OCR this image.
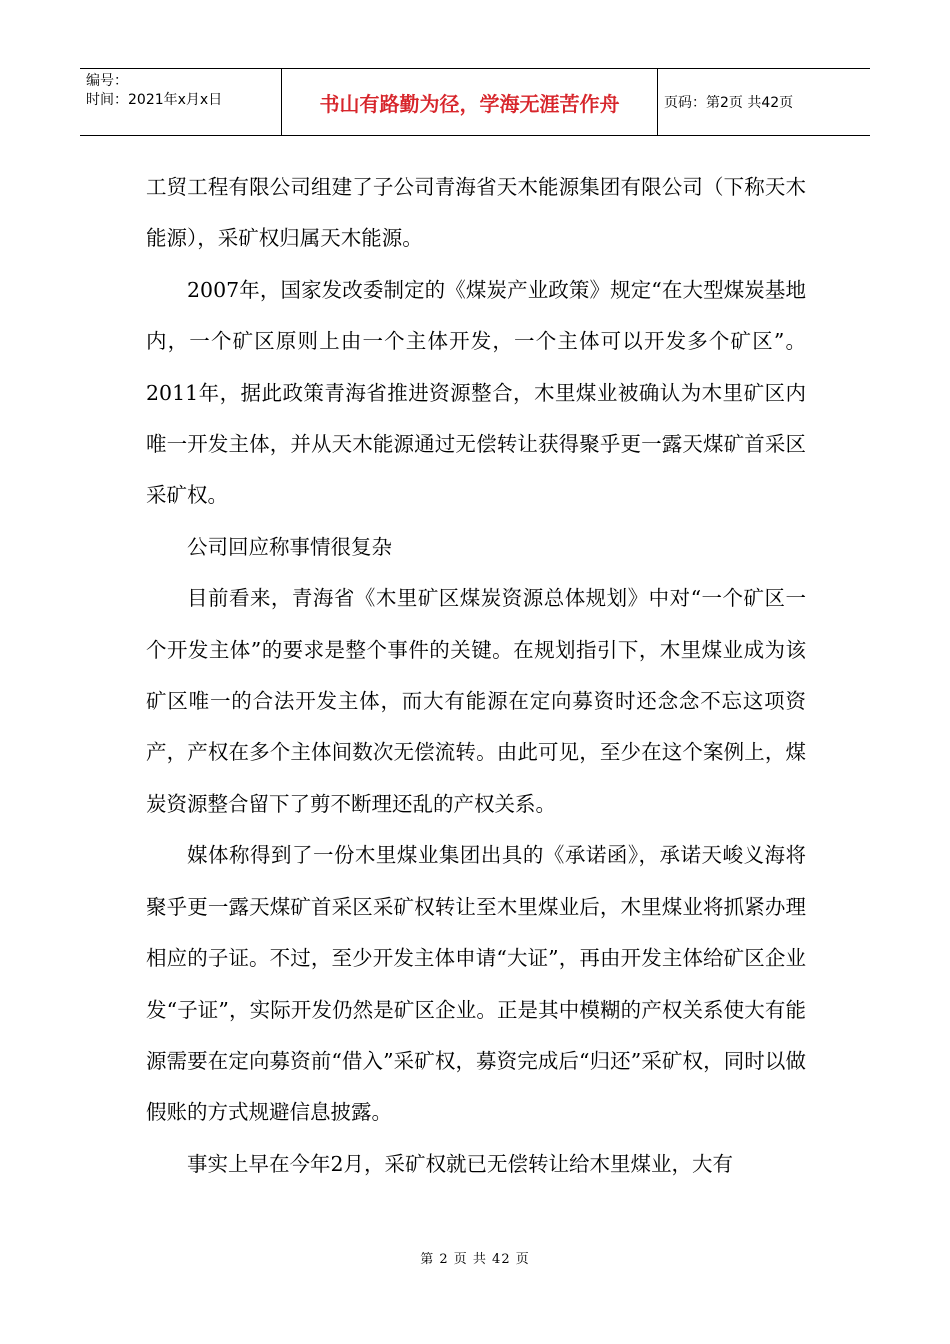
编号：
时间：2021年x月x日	书山有路勤为径，学海无涯苦作舟	页码：第2页 共42页

工贸工程有限公司组建了子公司青海省天木能源集团有限公司（下称天木能源），采矿权归属天木能源。

2007年，国家发改委制定的《煤炭产业政策》规定“在大型煤炭基地内，一个矿区原则上由一个主体开发，一个主体可以开发多个矿区”。2011年，据此政策青海省推进资源整合，木里煤业被确认为木里矿区内唯一开发主体，并从天木能源通过无偿转让获得聚乎更一露天煤矿首采区采矿权。

公司回应称事情很复杂

目前看来，青海省《木里矿区煤炭资源总体规划》中对“一个矿区一个开发主体”的要求是整个事件的关键。在规划指引下，木里煤业成为该矿区唯一的合法开发主体，而大有能源在定向募资时还念念不忘这项资产，产权在多个主体间数次无偿流转。由此可见，至少在这个案例上，煤炭资源整合留下了剪不断理还乱的产权关系。

媒体称得到了一份木里煤业集团出具的《承诺函》，承诺天峻义海将聚乎更一露天煤矿首采区采矿权转让至木里煤业后，木里煤业将抓紧办理相应的子证。不过，至少开发主体申请“大证”，再由开发主体给矿区企业发“子证”，实际开发仍然是矿区企业。正是其中模糊的产权关系使大有能源需要在定向募资前“借入”采矿权，募资完成后“归还”采矿权，同时以做假账的方式规避信息披露。

事实上早在今年2月，采矿权就已无偿转让给木里煤业，大有

第 2 页 共 42 页
